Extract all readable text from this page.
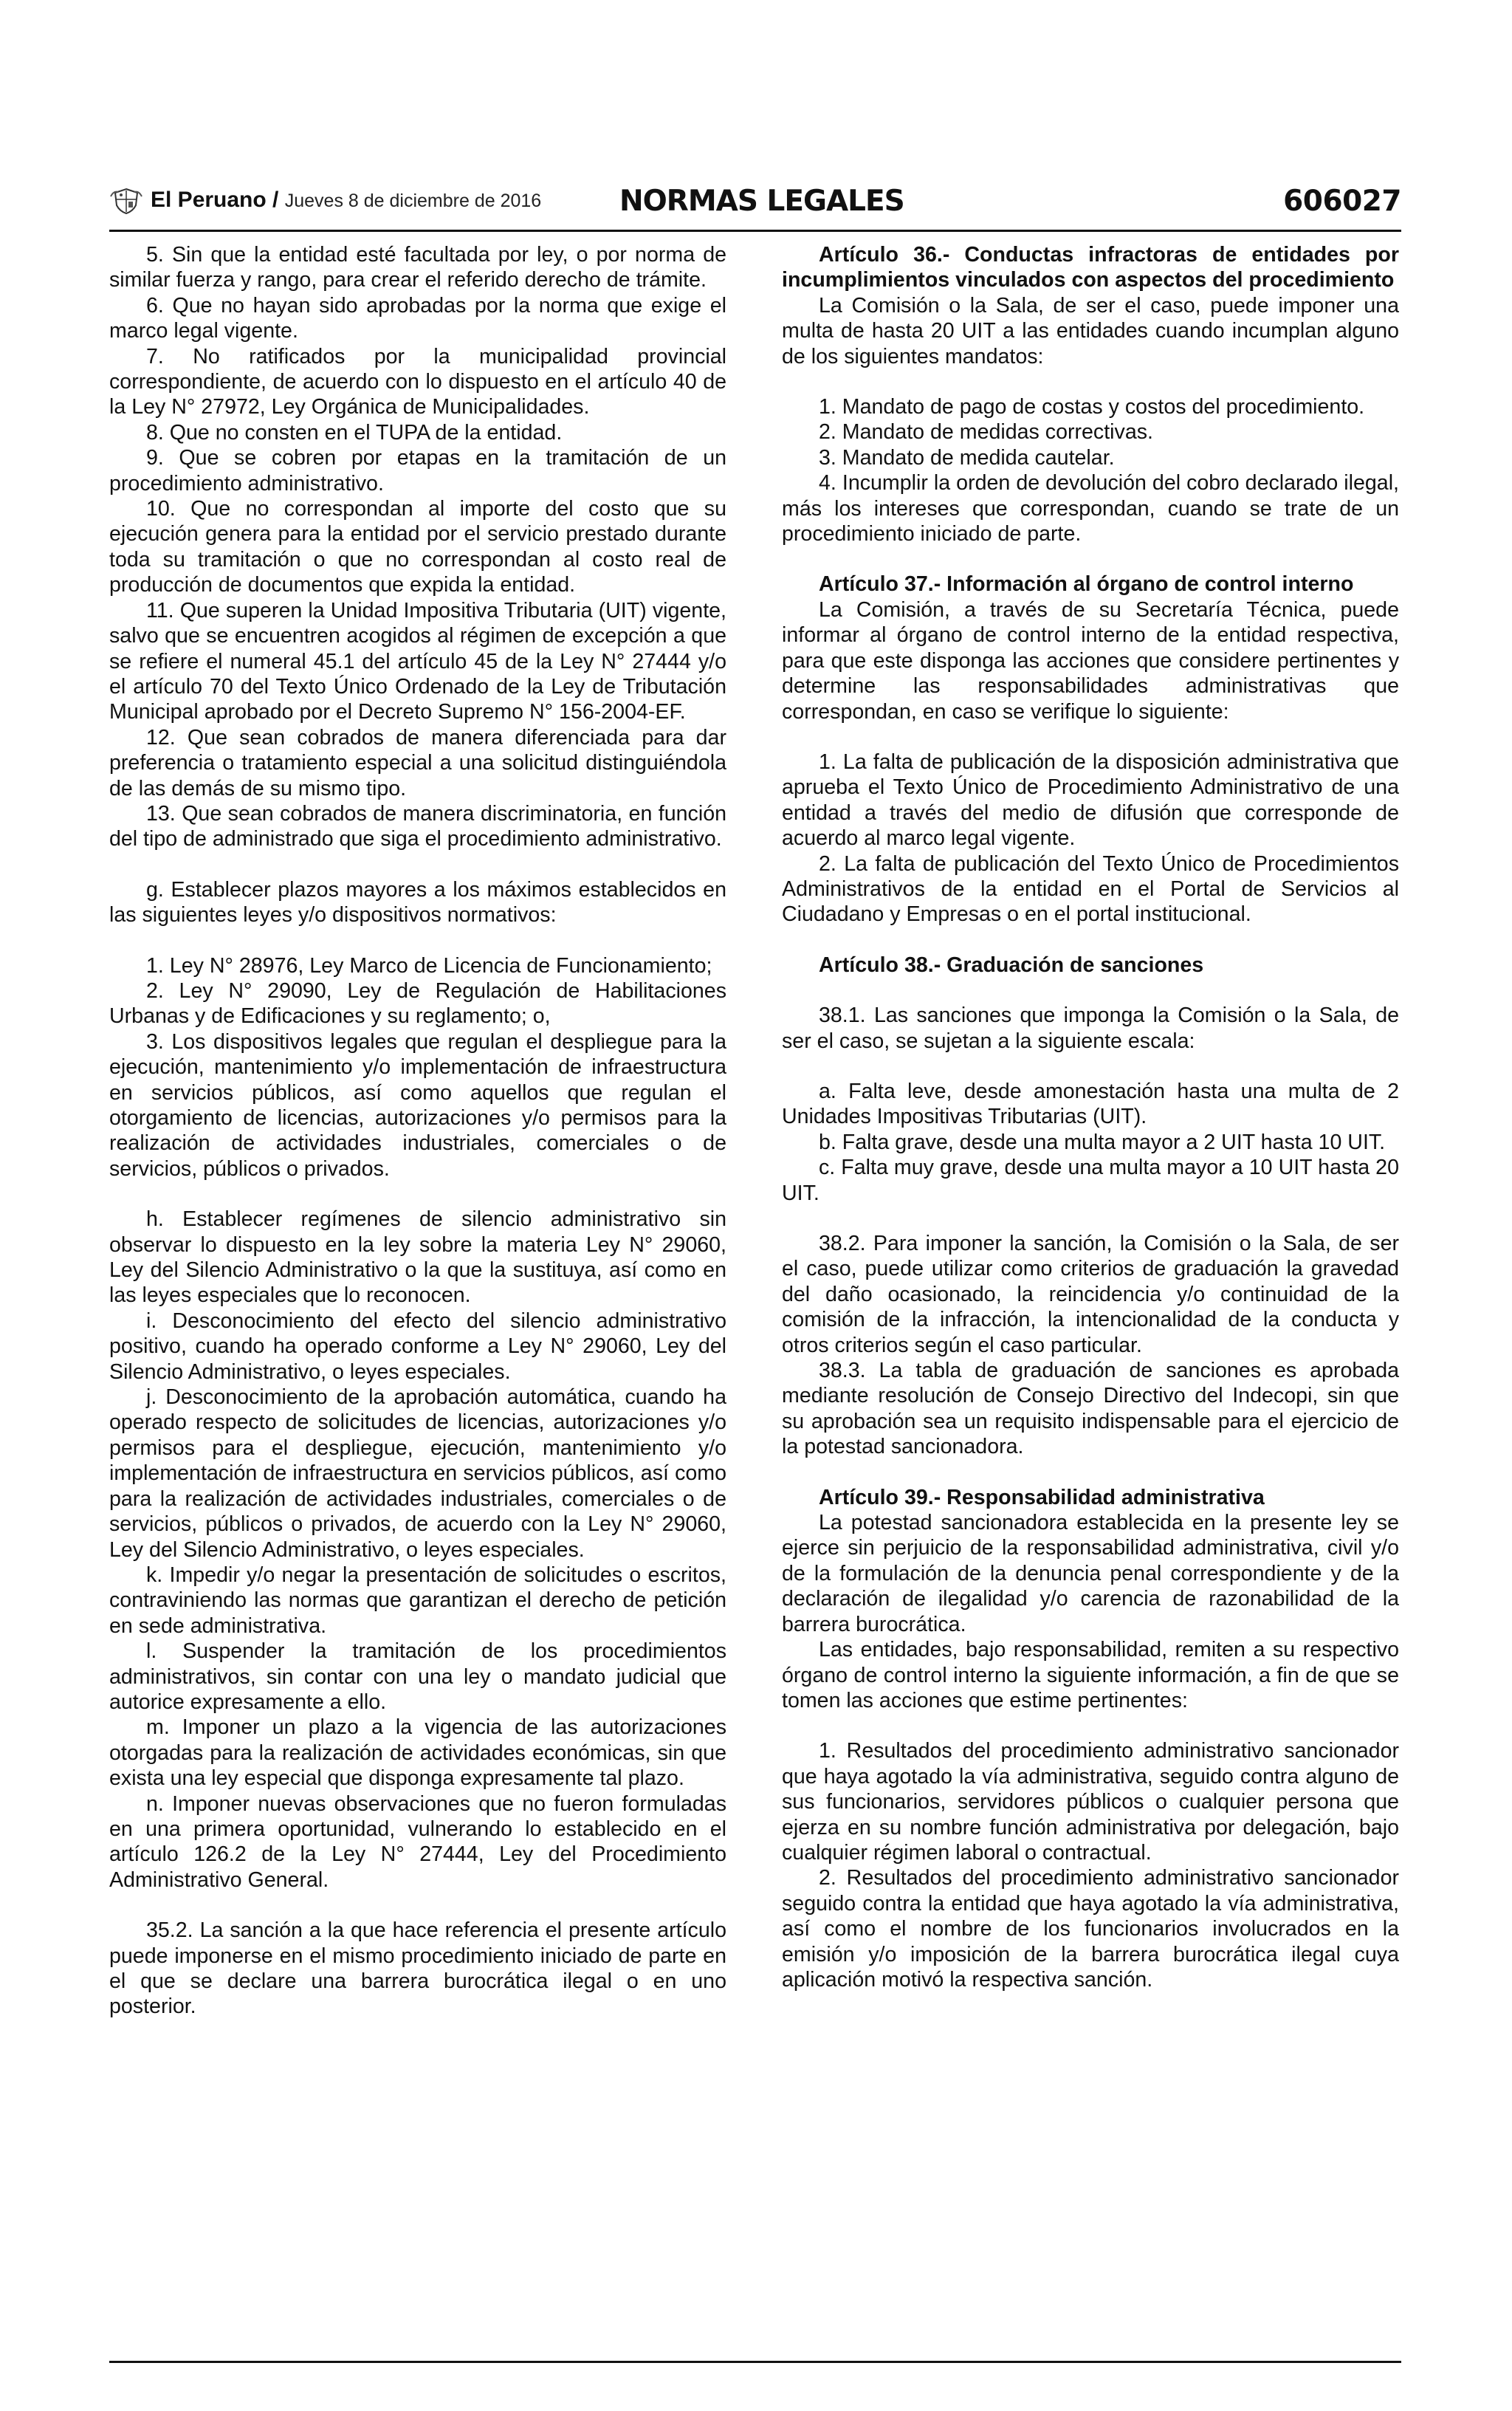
El Peruano / Jueves 8 de diciembre de 2016	NORMAS LEGALES	606027

5. Sin que la entidad esté facultada por ley, o por norma de similar fuerza y rango, para crear el referido derecho de trámite.

6. Que no hayan sido aprobadas por la norma que exige el marco legal vigente.

7. No ratificados por la municipalidad provincial correspondiente, de acuerdo con lo dispuesto en el artículo 40 de la Ley N° 27972, Ley Orgánica de Municipalidades.

8. Que no consten en el TUPA de la entidad.

9. Que se cobren por etapas en la tramitación de un procedimiento administrativo.

10. Que no correspondan al importe del costo que su ejecución genera para la entidad por el servicio prestado durante toda su tramitación o que no correspondan al costo real de producción de documentos que expida la entidad.

11. Que superen la Unidad Impositiva Tributaria (UIT) vigente, salvo que se encuentren acogidos al régimen de excepción a que se refiere el numeral 45.1 del artículo 45 de la Ley N° 27444 y/o el artículo 70 del Texto Único Ordenado de la Ley de Tributación Municipal aprobado por el Decreto Supremo N° 156-2004-EF.

12. Que sean cobrados de manera diferenciada para dar preferencia o tratamiento especial a una solicitud distinguiéndola de las demás de su mismo tipo.

13. Que sean cobrados de manera discriminatoria, en función del tipo de administrado que siga el procedimiento administrativo.

g. Establecer plazos mayores a los máximos establecidos en las siguientes leyes y/o dispositivos normativos:

1. Ley N° 28976, Ley Marco de Licencia de Funcionamiento;

2. Ley N° 29090, Ley de Regulación de Habilitaciones Urbanas y de Edificaciones y su reglamento; o,

3. Los dispositivos legales que regulan el despliegue para la ejecución, mantenimiento y/o implementación de infraestructura en servicios públicos, así como aquellos que regulan el otorgamiento de licencias, autorizaciones y/o permisos para la realización de actividades industriales, comerciales o de servicios, públicos o privados.

h. Establecer regímenes de silencio administrativo sin observar lo dispuesto en la ley sobre la materia Ley N° 29060, Ley del Silencio Administrativo o la que la sustituya, así como en las leyes especiales que lo reconocen.

i. Desconocimiento del efecto del silencio administrativo positivo, cuando ha operado conforme a Ley N° 29060, Ley del Silencio Administrativo, o leyes especiales.

j. Desconocimiento de la aprobación automática, cuando ha operado respecto de solicitudes de licencias, autorizaciones y/o permisos para el despliegue, ejecución, mantenimiento y/o implementación de infraestructura en servicios públicos, así como para la realización de actividades industriales, comerciales o de servicios, públicos o privados, de acuerdo con la Ley N° 29060, Ley del Silencio Administrativo, o leyes especiales.

k. Impedir y/o negar la presentación de solicitudes o escritos, contraviniendo las normas que garantizan el derecho de petición en sede administrativa.

l. Suspender la tramitación de los procedimientos administrativos, sin contar con una ley o mandato judicial que autorice expresamente a ello.

m. Imponer un plazo a la vigencia de las autorizaciones otorgadas para la realización de actividades económicas, sin que exista una ley especial que disponga expresamente tal plazo.

n. Imponer nuevas observaciones que no fueron formuladas en una primera oportunidad, vulnerando lo establecido en el artículo 126.2 de la Ley N° 27444, Ley del Procedimiento Administrativo General.

35.2. La sanción a la que hace referencia el presente artículo puede imponerse en el mismo procedimiento iniciado de parte en el que se declare una barrera burocrática ilegal o en uno posterior.

Artículo 36.- Conductas infractoras de entidades por incumplimientos vinculados con aspectos del procedimiento

La Comisión o la Sala, de ser el caso, puede imponer una multa de hasta 20 UIT a las entidades cuando incumplan alguno de los siguientes mandatos:

1. Mandato de pago de costas y costos del procedimiento.

2. Mandato de medidas correctivas.

3. Mandato de medida cautelar.

4. Incumplir la orden de devolución del cobro declarado ilegal, más los intereses que correspondan, cuando se trate de un procedimiento iniciado de parte.

Artículo 37.- Información al órgano de control interno

La Comisión, a través de su Secretaría Técnica, puede informar al órgano de control interno de la entidad respectiva, para que este disponga las acciones que considere pertinentes y determine las responsabilidades administrativas que correspondan, en caso se verifique lo siguiente:

1. La falta de publicación de la disposición administrativa que aprueba el Texto Único de Procedimiento Administrativo de una entidad a través del medio de difusión que corresponde de acuerdo al marco legal vigente.

2. La falta de publicación del Texto Único de Procedimientos Administrativos de la entidad en el Portal de Servicios al Ciudadano y Empresas o en el portal institucional.

Artículo 38.- Graduación de sanciones

38.1. Las sanciones que imponga la Comisión o la Sala, de ser el caso, se sujetan a la siguiente escala:

a. Falta leve, desde amonestación hasta una multa de 2 Unidades Impositivas Tributarias (UIT).

b. Falta grave, desde una multa mayor a 2 UIT hasta 10 UIT.

c. Falta muy grave, desde una multa mayor a 10 UIT hasta 20 UIT.

38.2. Para imponer la sanción, la Comisión o la Sala, de ser el caso, puede utilizar como criterios de graduación la gravedad del daño ocasionado, la reincidencia y/o continuidad de la comisión de la infracción, la intencionalidad de la conducta y otros criterios según el caso particular.

38.3. La tabla de graduación de sanciones es aprobada mediante resolución de Consejo Directivo del Indecopi, sin que su aprobación sea un requisito indispensable para el ejercicio de la potestad sancionadora.

Artículo 39.- Responsabilidad administrativa

La potestad sancionadora establecida en la presente ley se ejerce sin perjuicio de la responsabilidad administrativa, civil y/o de la formulación de la denuncia penal correspondiente y de la declaración de ilegalidad y/o carencia de razonabilidad de la barrera burocrática.

Las entidades, bajo responsabilidad, remiten a su respectivo órgano de control interno la siguiente información, a fin de que se tomen las acciones que estime pertinentes:

1. Resultados del procedimiento administrativo sancionador que haya agotado la vía administrativa, seguido contra alguno de sus funcionarios, servidores públicos o cualquier persona que ejerza en su nombre función administrativa por delegación, bajo cualquier régimen laboral o contractual.

2. Resultados del procedimiento administrativo sancionador seguido contra la entidad que haya agotado la vía administrativa, así como el nombre de los funcionarios involucrados en la emisión y/o imposición de la barrera burocrática ilegal cuya aplicación motivó la respectiva sanción.
